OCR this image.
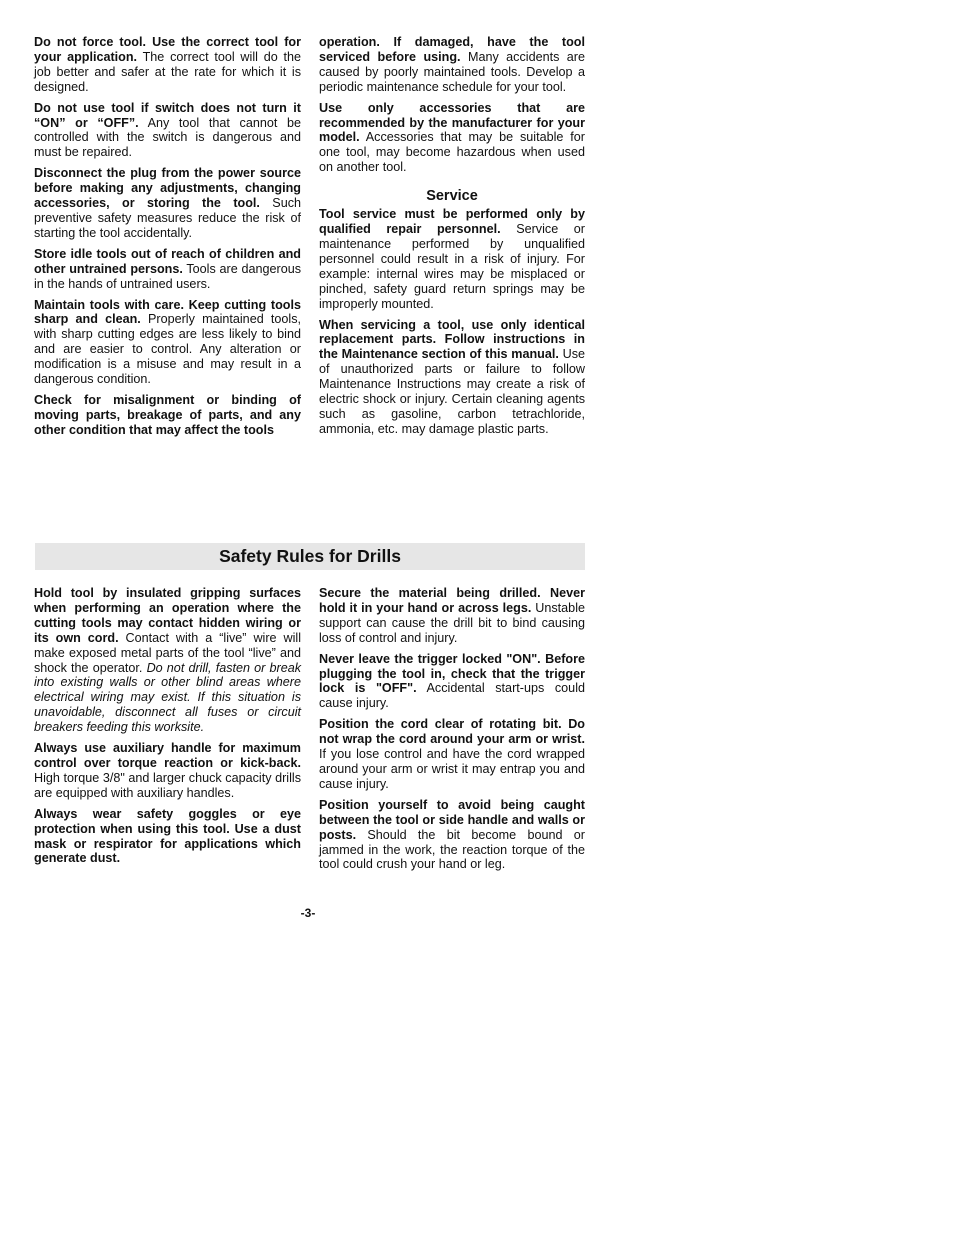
Do not force tool. Use the correct tool for your application. The correct tool will do the job better and safer at the rate for which it is designed.

Do not use tool if switch does not turn it “ON” or “OFF”. Any tool that cannot be controlled with the switch is dangerous and must be repaired.

Disconnect the plug from the power source before making any adjustments, changing accessories, or storing the tool. Such preventive safety measures reduce the risk of starting the tool accidentally.

Store idle tools out of reach of children and other untrained persons. Tools are dangerous in the hands of untrained users.

Maintain tools with care. Keep cutting tools sharp and clean. Properly maintained tools, with sharp cutting edges are less likely to bind and are easier to control. Any alteration or modification is a misuse and may result in a dangerous condition.

Check for misalignment or binding of moving parts, breakage of parts, and any other condition that may affect the tools

operation. If damaged, have the tool serviced before using. Many accidents are caused by poorly maintained tools. Develop a periodic maintenance schedule for your tool.

Use only accessories that are recommended by the manufacturer for your model. Accessories that may be suitable for one tool, may become hazardous when used on another tool.

Service

Tool service must be performed only by qualified repair personnel. Service or maintenance performed by unqualified personnel could result in a risk of injury. For example: internal wires may be misplaced or pinched, safety guard return springs may be improperly mounted.

When servicing a tool, use only identical replacement parts. Follow instructions in the Maintenance section of this manual. Use of unauthorized parts or failure to follow Maintenance Instructions may create a risk of electric shock or injury. Certain cleaning agents such as gasoline, carbon tetrachloride, ammonia, etc. may damage plastic parts.

Safety Rules for Drills

Hold tool by insulated gripping surfaces when performing an operation where the cutting tools may contact hidden wiring or its own cord. Contact with a “live” wire will make exposed metal parts of the tool “live” and shock the operator. Do not drill, fasten or break into existing walls or other blind areas where electrical wiring may exist. If this situation is unavoidable, disconnect all fuses or circuit breakers feeding this worksite.

Always use auxiliary handle for maximum control over torque reaction or kick-back. High torque 3/8" and larger chuck capacity drills are equipped with auxiliary handles.

Always wear safety goggles or eye protection when using this tool. Use a dust mask or respirator for applications which generate dust.

Secure the material being drilled. Never hold it in your hand or across legs. Unstable support can cause the drill bit to bind causing loss of control and injury.

Never leave the trigger locked "ON". Before plugging the tool in, check that the trigger lock is "OFF". Accidental start-ups could cause injury.

Position the cord clear of rotating bit. Do not wrap the cord around your arm or wrist. If you lose control and have the cord wrapped around your arm or wrist it may entrap you and cause injury.

Position yourself to avoid being caught between the tool or side handle and walls or posts. Should the bit become bound or jammed in the work, the reaction torque of the tool could crush your hand or leg.

-3-
